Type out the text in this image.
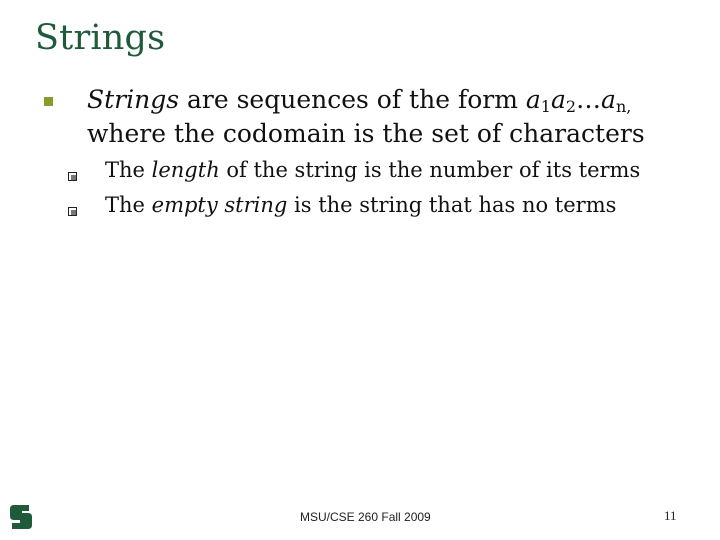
Strings
Strings are sequences of the form $a_1a_2\dots a_{n,}$ where the codomain is the set of characters
The length of the string is the number of its terms
The empty string is the string that has no terms
MSU/CSE 260 Fall 2009	11
